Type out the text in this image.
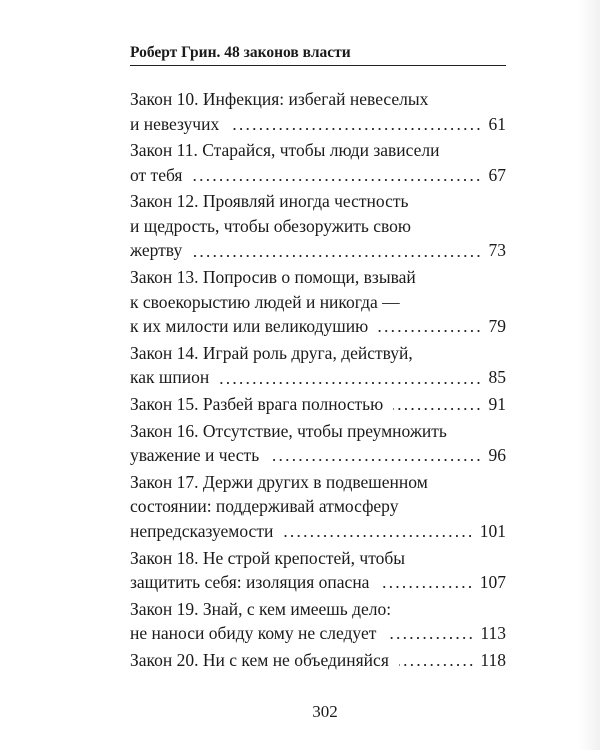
Роберт Грин. 48 законов власти
Закон 10. Инфекция: избегай невеселых
и невезучих	61
Закон 11. Старайся, чтобы люди зависели
от тебя	67
Закон 12. Проявляй иногда честность
и щедрость, чтобы обезоружить свою
жертву	73
Закон 13. Попросив о помощи, взывай
к своекорыстию людей и никогда —
к их милости или великодушию	79
Закон 14. Играй роль друга, действуй,
как шпион	85
Закон 15. Разбей врага полностью	91
Закон 16. Отсутствие, чтобы преумножить
уважение и честь	96
Закон 17. Держи других в подвешенном
состоянии: поддерживай атмосферу
непредсказуемости	101
Закон 18. Не строй крепостей, чтобы
защитить себя: изоляция опасна	107
Закон 19. Знай, с кем имеешь дело:
не наноси обиду кому не следует	113
Закон 20. Ни с кем не объединяйся	118
302
